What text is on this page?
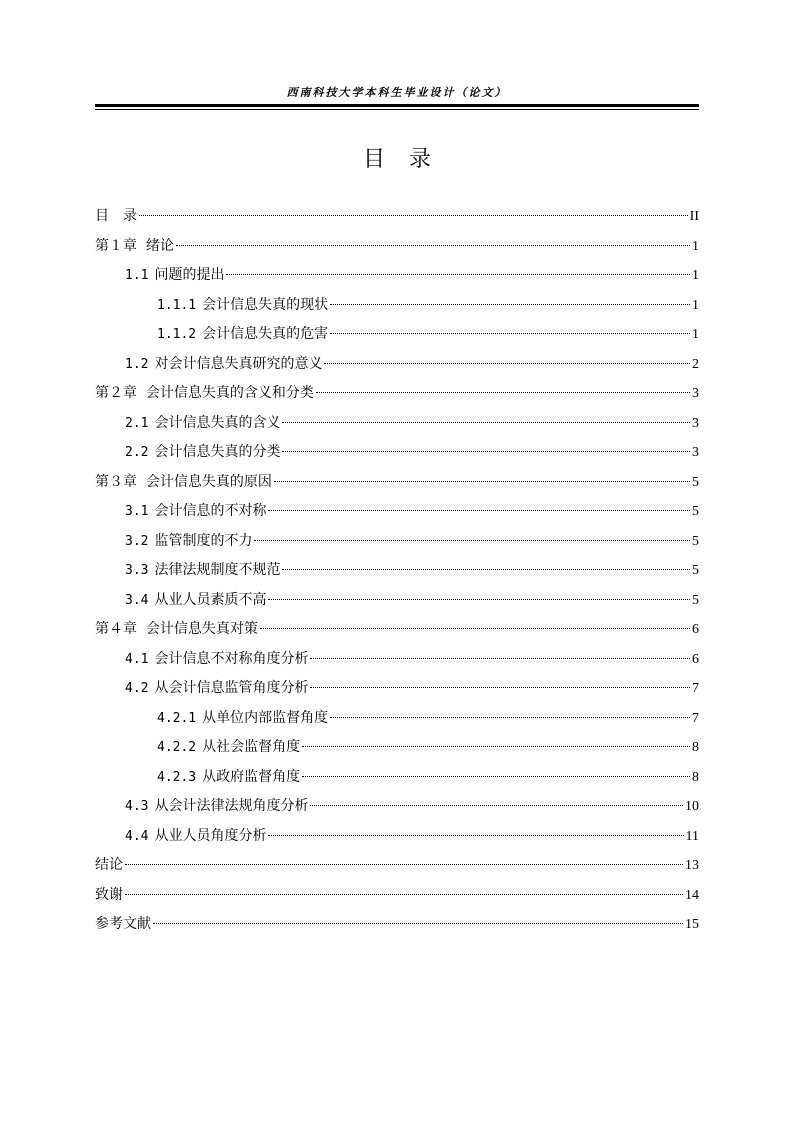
西南科技大学本科生毕业设计（论文）
目 录
目　录	II
第１章  绪论	1
1.1 问题的提出	1
1.1.1 会计信息失真的现状	1
1.1.2 会计信息失真的危害	1
1.2 对会计信息失真研究的意义	2
第２章  会计信息失真的含义和分类	3
2.1 会计信息失真的含义	3
2.2 会计信息失真的分类	3
第３章  会计信息失真的原因	5
3.1 会计信息的不对称	5
3.2 监管制度的不力	5
3.3 法律法规制度不规范	5
3.4 从业人员素质不高	5
第４章  会计信息失真对策	6
4.1 会计信息不对称角度分析	6
4.2 从会计信息监管角度分析	7
4.2.1 从单位内部监督角度	7
4.2.2 从社会监督角度	8
4.2.3 从政府监督角度	8
4.3 从会计法律法规角度分析	10
4.4 从业人员角度分析	11
结论	13
致谢	14
参考文献	15
